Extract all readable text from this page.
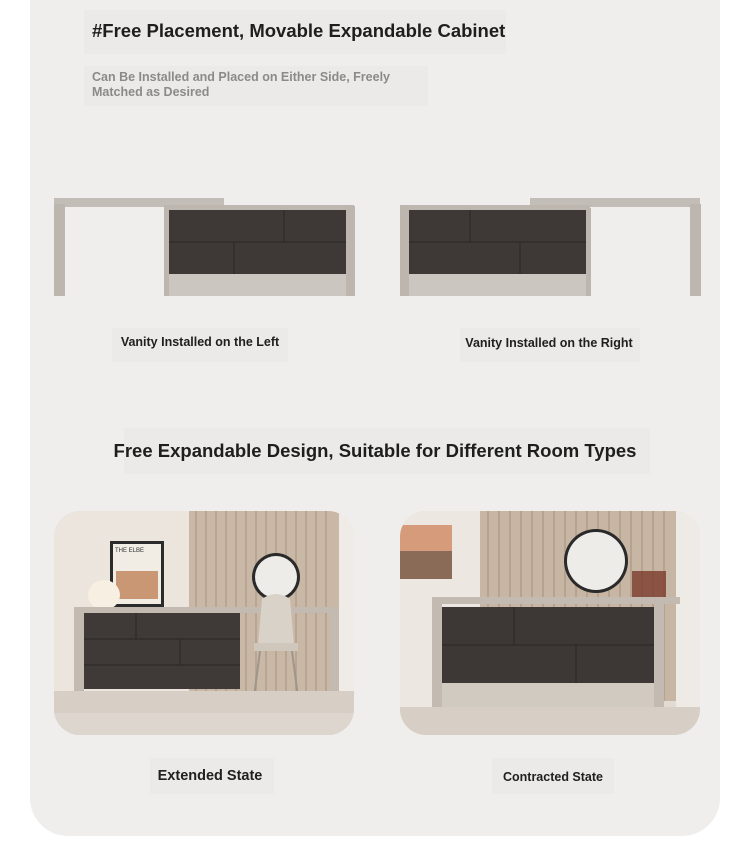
#Free Placement, Movable Expandable Cabinet
Can Be Installed and Placed on Either Side, Freely Matched as Desired
Vanity Installed on the Left	Vanity Installed on the Right
Free Expandable Design, Suitable for Different Room Types
THE ELBE
Extended State	Contracted State
